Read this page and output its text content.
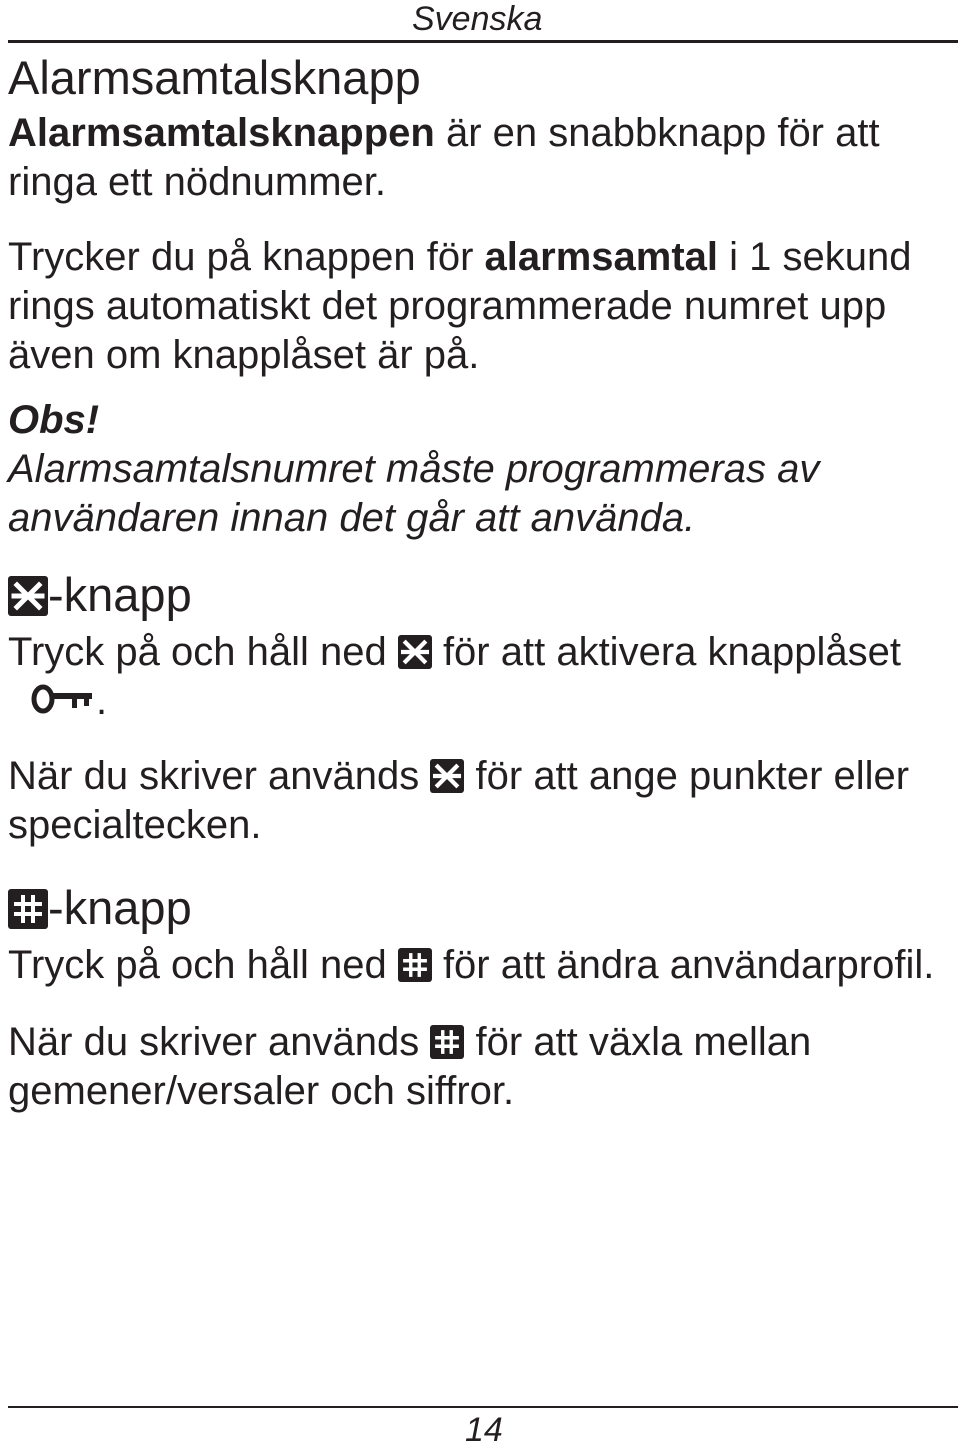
Svenska
Alarmsamtalsknapp

Alarmsamtalsknappen är en snabbknapp för att ringa ett nödnummer.

Trycker du på knappen för alarmsamtal i 1 sekund rings automatiskt det programmerade numret upp även om knapplåset är på.

Obs!

Alarmsamtalsnumret måste programmeras av användaren innan det går att använda.

-knapp

Tryck på och håll ned
för att aktivera knapplåset .

När du skriver används
för att ange punkter eller specialtecken.

-knapp

Tryck på och håll ned
för att ändra användarprofil.

När du skriver används
för att växla mellan gemener/versaler och siffror.

14
